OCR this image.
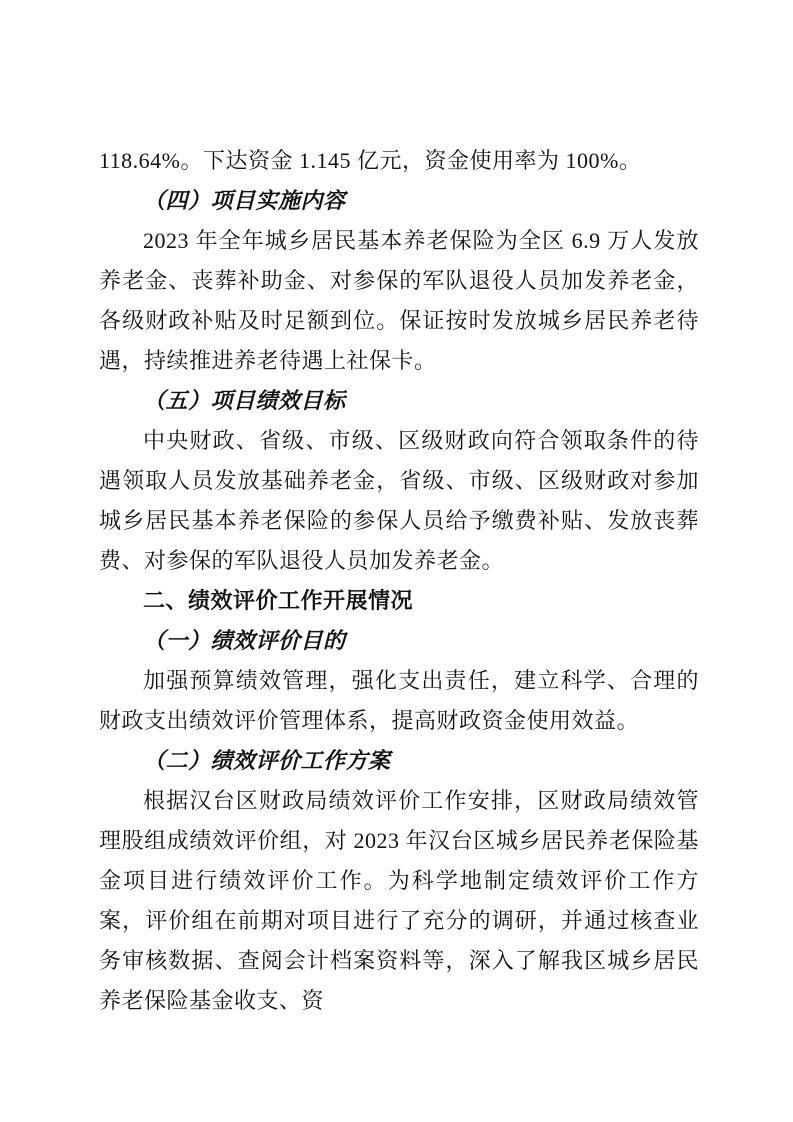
118.64%。下达资金 1.145 亿元，资金使用率为 100%。

（四）项目实施内容

2023 年全年城乡居民基本养老保险为全区 6.9 万人发放养老金、丧葬补助金、对参保的军队退役人员加发养老金，各级财政补贴及时足额到位。保证按时发放城乡居民养老待遇，持续推进养老待遇上社保卡。

（五）项目绩效目标

中央财政、省级、市级、区级财政向符合领取条件的待遇领取人员发放基础养老金，省级、市级、区级财政对参加城乡居民基本养老保险的参保人员给予缴费补贴、发放丧葬费、对参保的军队退役人员加发养老金。

二、绩效评价工作开展情况

（一）绩效评价目的

加强预算绩效管理，强化支出责任，建立科学、合理的财政支出绩效评价管理体系，提高财政资金使用效益。

（二）绩效评价工作方案

根据汉台区财政局绩效评价工作安排，区财政局绩效管理股组成绩效评价组，对 2023 年汉台区城乡居民养老保险基金项目进行绩效评价工作。为科学地制定绩效评价工作方案，评价组在前期对项目进行了充分的调研，并通过核查业务审核数据、查阅会计档案资料等，深入了解我区城乡居民养老保险基金收支、资
